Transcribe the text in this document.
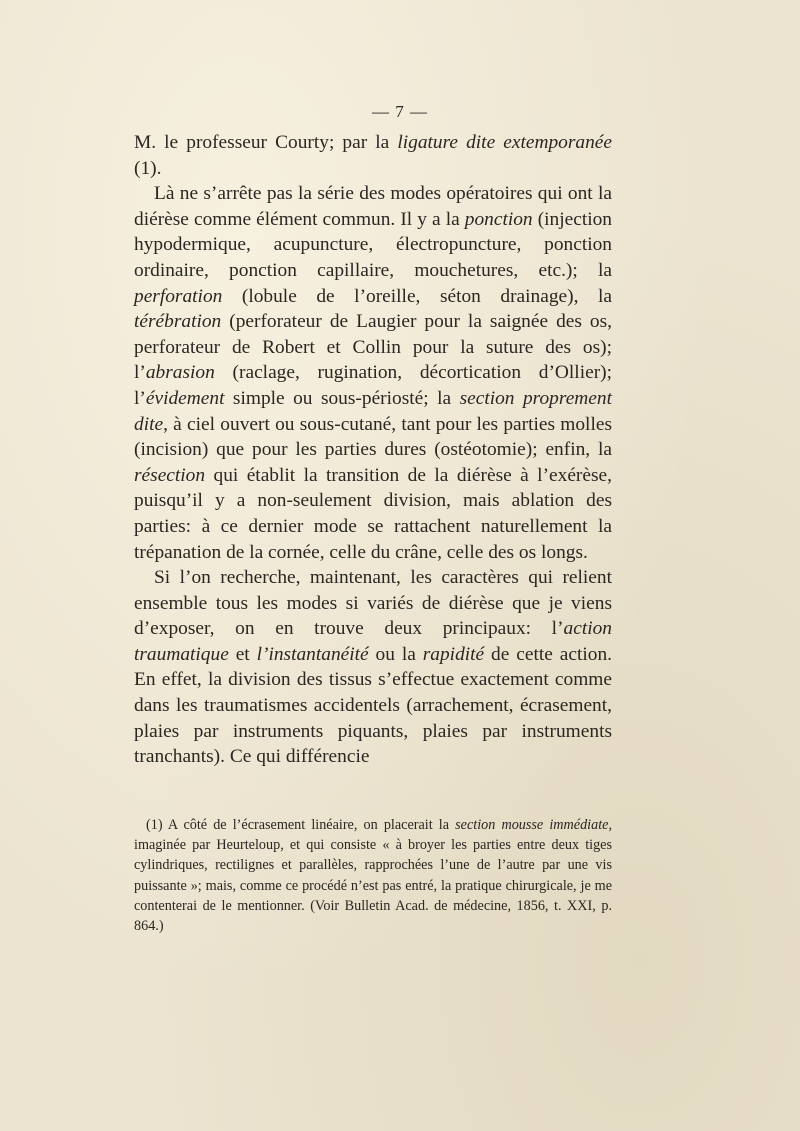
— 7 —

M. le professeur Courty; par la ligature dite extemporanée (1).

Là ne s’arrête pas la série des modes opératoires qui ont la diérèse comme élément commun. Il y a la ponction (injection hypodermique, acupuncture, électropuncture, ponction ordinaire, ponction capillaire, mouchetures, etc.); la perforation (lobule de l’oreille, séton drainage), la térébration (perforateur de Laugier pour la saignée des os, perforateur de Robert et Collin pour la suture des os); l’abrasion (raclage, rugination, décortication d’Ollier); l’évidement simple ou sous-périosté; la section proprement dite, à ciel ouvert ou sous-cutané, tant pour les parties molles (incision) que pour les parties dures (ostéotomie); enfin, la résection qui établit la transition de la diérèse à l’exérèse, puisqu’il y a non-seulement division, mais ablation des parties: à ce dernier mode se rattachent naturellement la trépanation de la cornée, celle du crâne, celle des os longs.

Si l’on recherche, maintenant, les caractères qui relient ensemble tous les modes si variés de diérèse que je viens d’exposer, on en trouve deux principaux: l’action traumatique et l’instantanéité ou la rapidité de cette action. En effet, la division des tissus s’effectue exactement comme dans les traumatismes accidentels (arrachement, écrasement, plaies par instruments piquants, plaies par instruments tranchants). Ce qui différencie

(1) A côté de l’écrasement linéaire, on placerait la section mousse immédiate, imaginée par Heurteloup, et qui consiste « à broyer les parties entre deux tiges cylindriques, rectilignes et parallèles, rapprochées l’une de l’autre par une vis puissante »; mais, comme ce procédé n’est pas entré, la pratique chirurgicale, je me contenterai de le mentionner. (Voir Bulletin Acad. de médecine, 1856, t. XXI, p. 864.)
